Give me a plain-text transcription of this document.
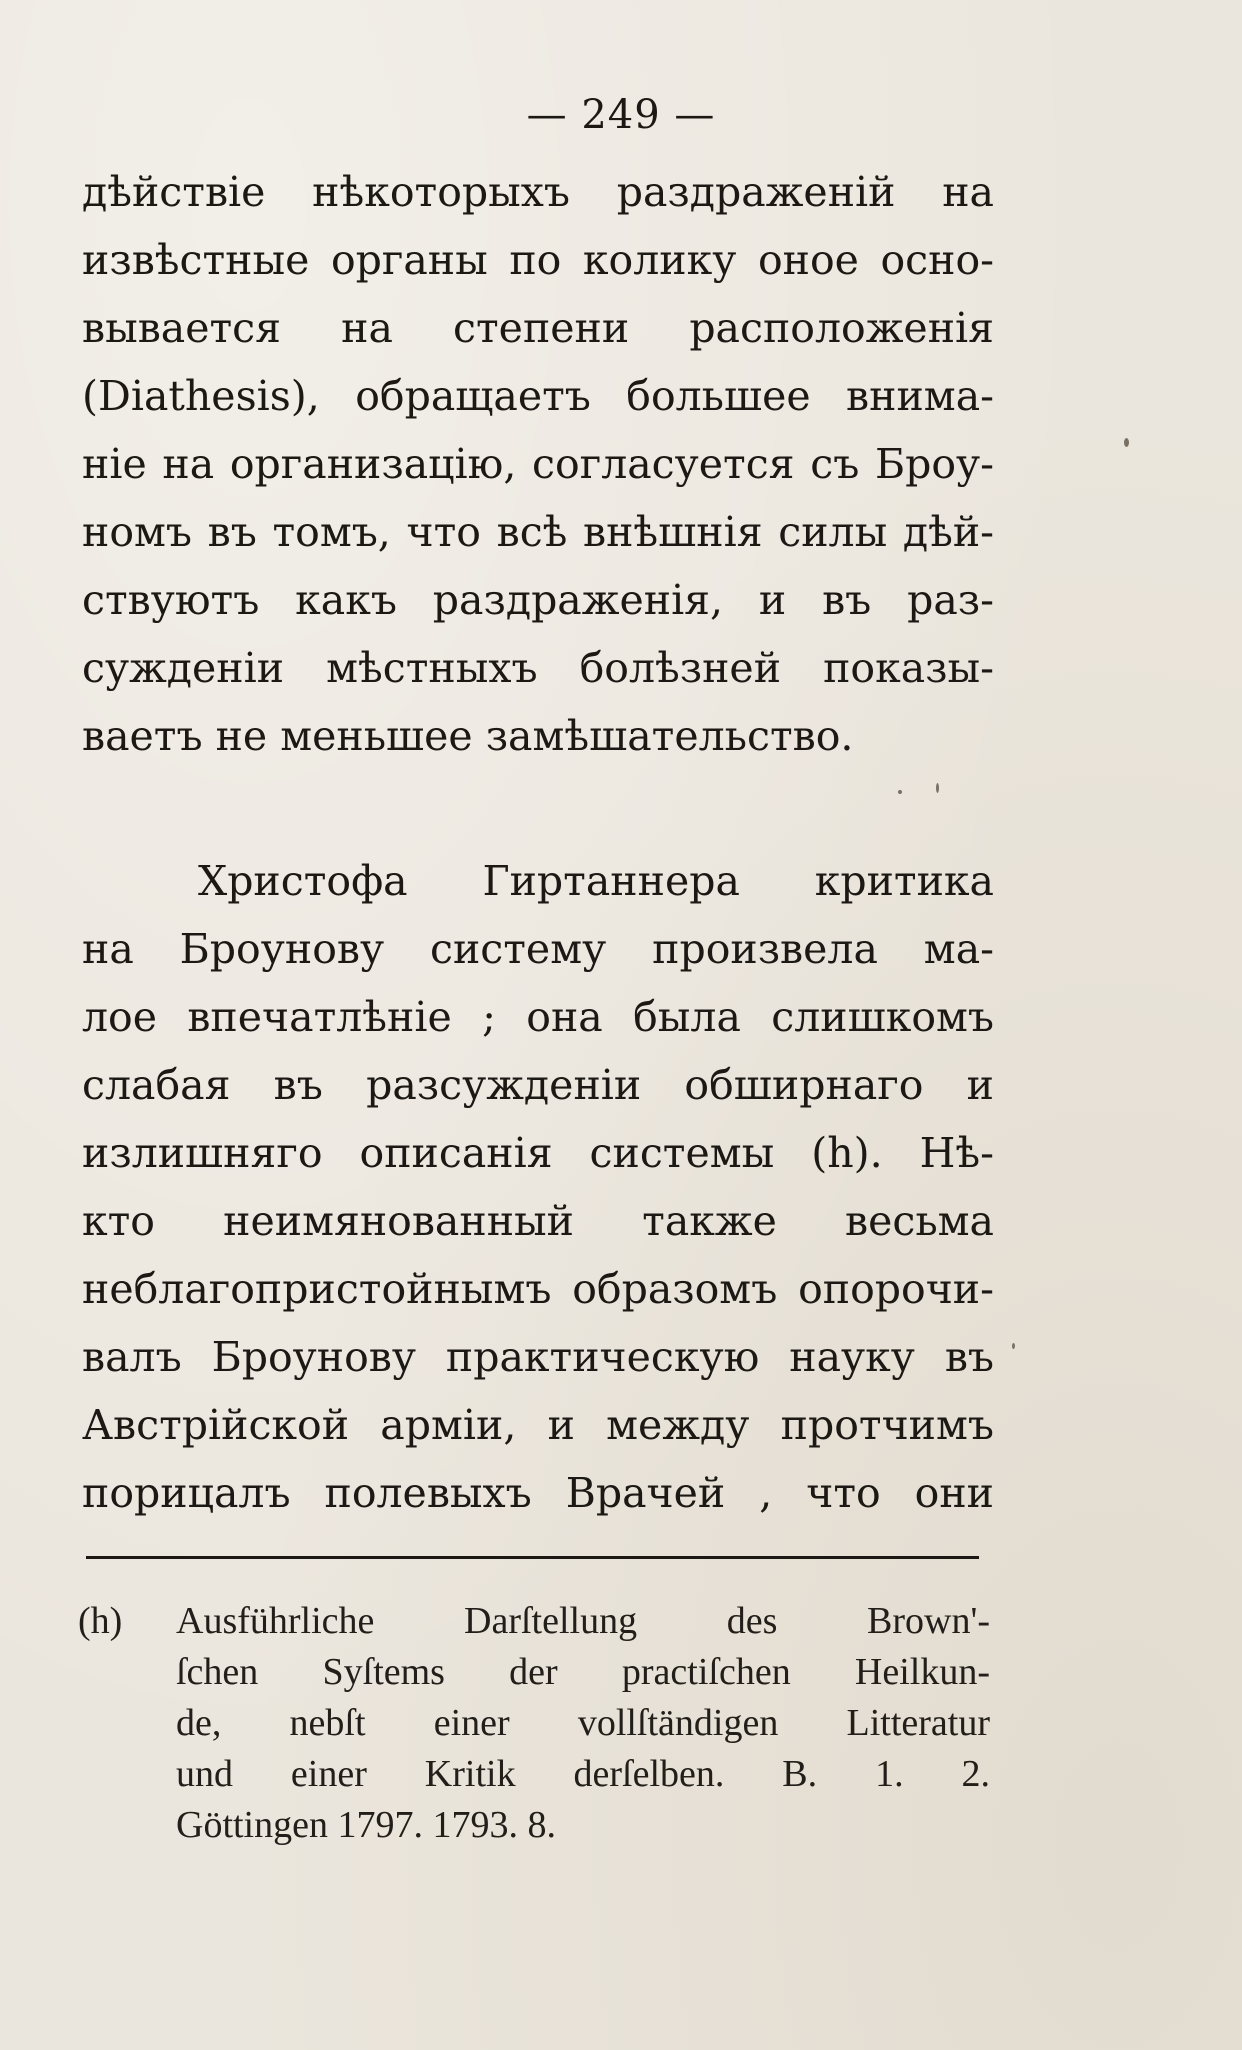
— 249 —
дѣйствіе нѣкоторыхъ раздраженій на
извѣстные органы по колику оное осно-
вывается на степени расположенія
(Diathesis), обращаетъ большее внима-
ніе на организацію, согласуется съ Броу-
номъ въ томъ, что всѣ внѣшнія силы дѣй-
ствуютъ какъ раздраженія, и въ раз-
сужденіи мѣстныхъ болѣзней показы-
ваетъ не меньшее замѣшательство.
Христофа Гиртаннера критика
на Броунову систему произвела ма-
лое впечатлѣніе ; она была слишкомъ
слабая въ разсужденіи обширнаго и
излишняго описанія системы (h). Нѣ-
кто неимянованный также весьма
неблагопристойнымъ образомъ опорочи-
валъ Броунову практическую науку въ
Австрійской арміи, и между протчимъ
порицалъ полевыхъ Врачей , что они
(h)	Ausführliche Darſtellung des Brown'-
ſchen Syſtems der practiſchen Heilkun-
de, nebſt einer vollſtändigen Litteratur
und einer Kritik derſelben. B. 1. 2.
Göttingen 1797. 1793. 8.
